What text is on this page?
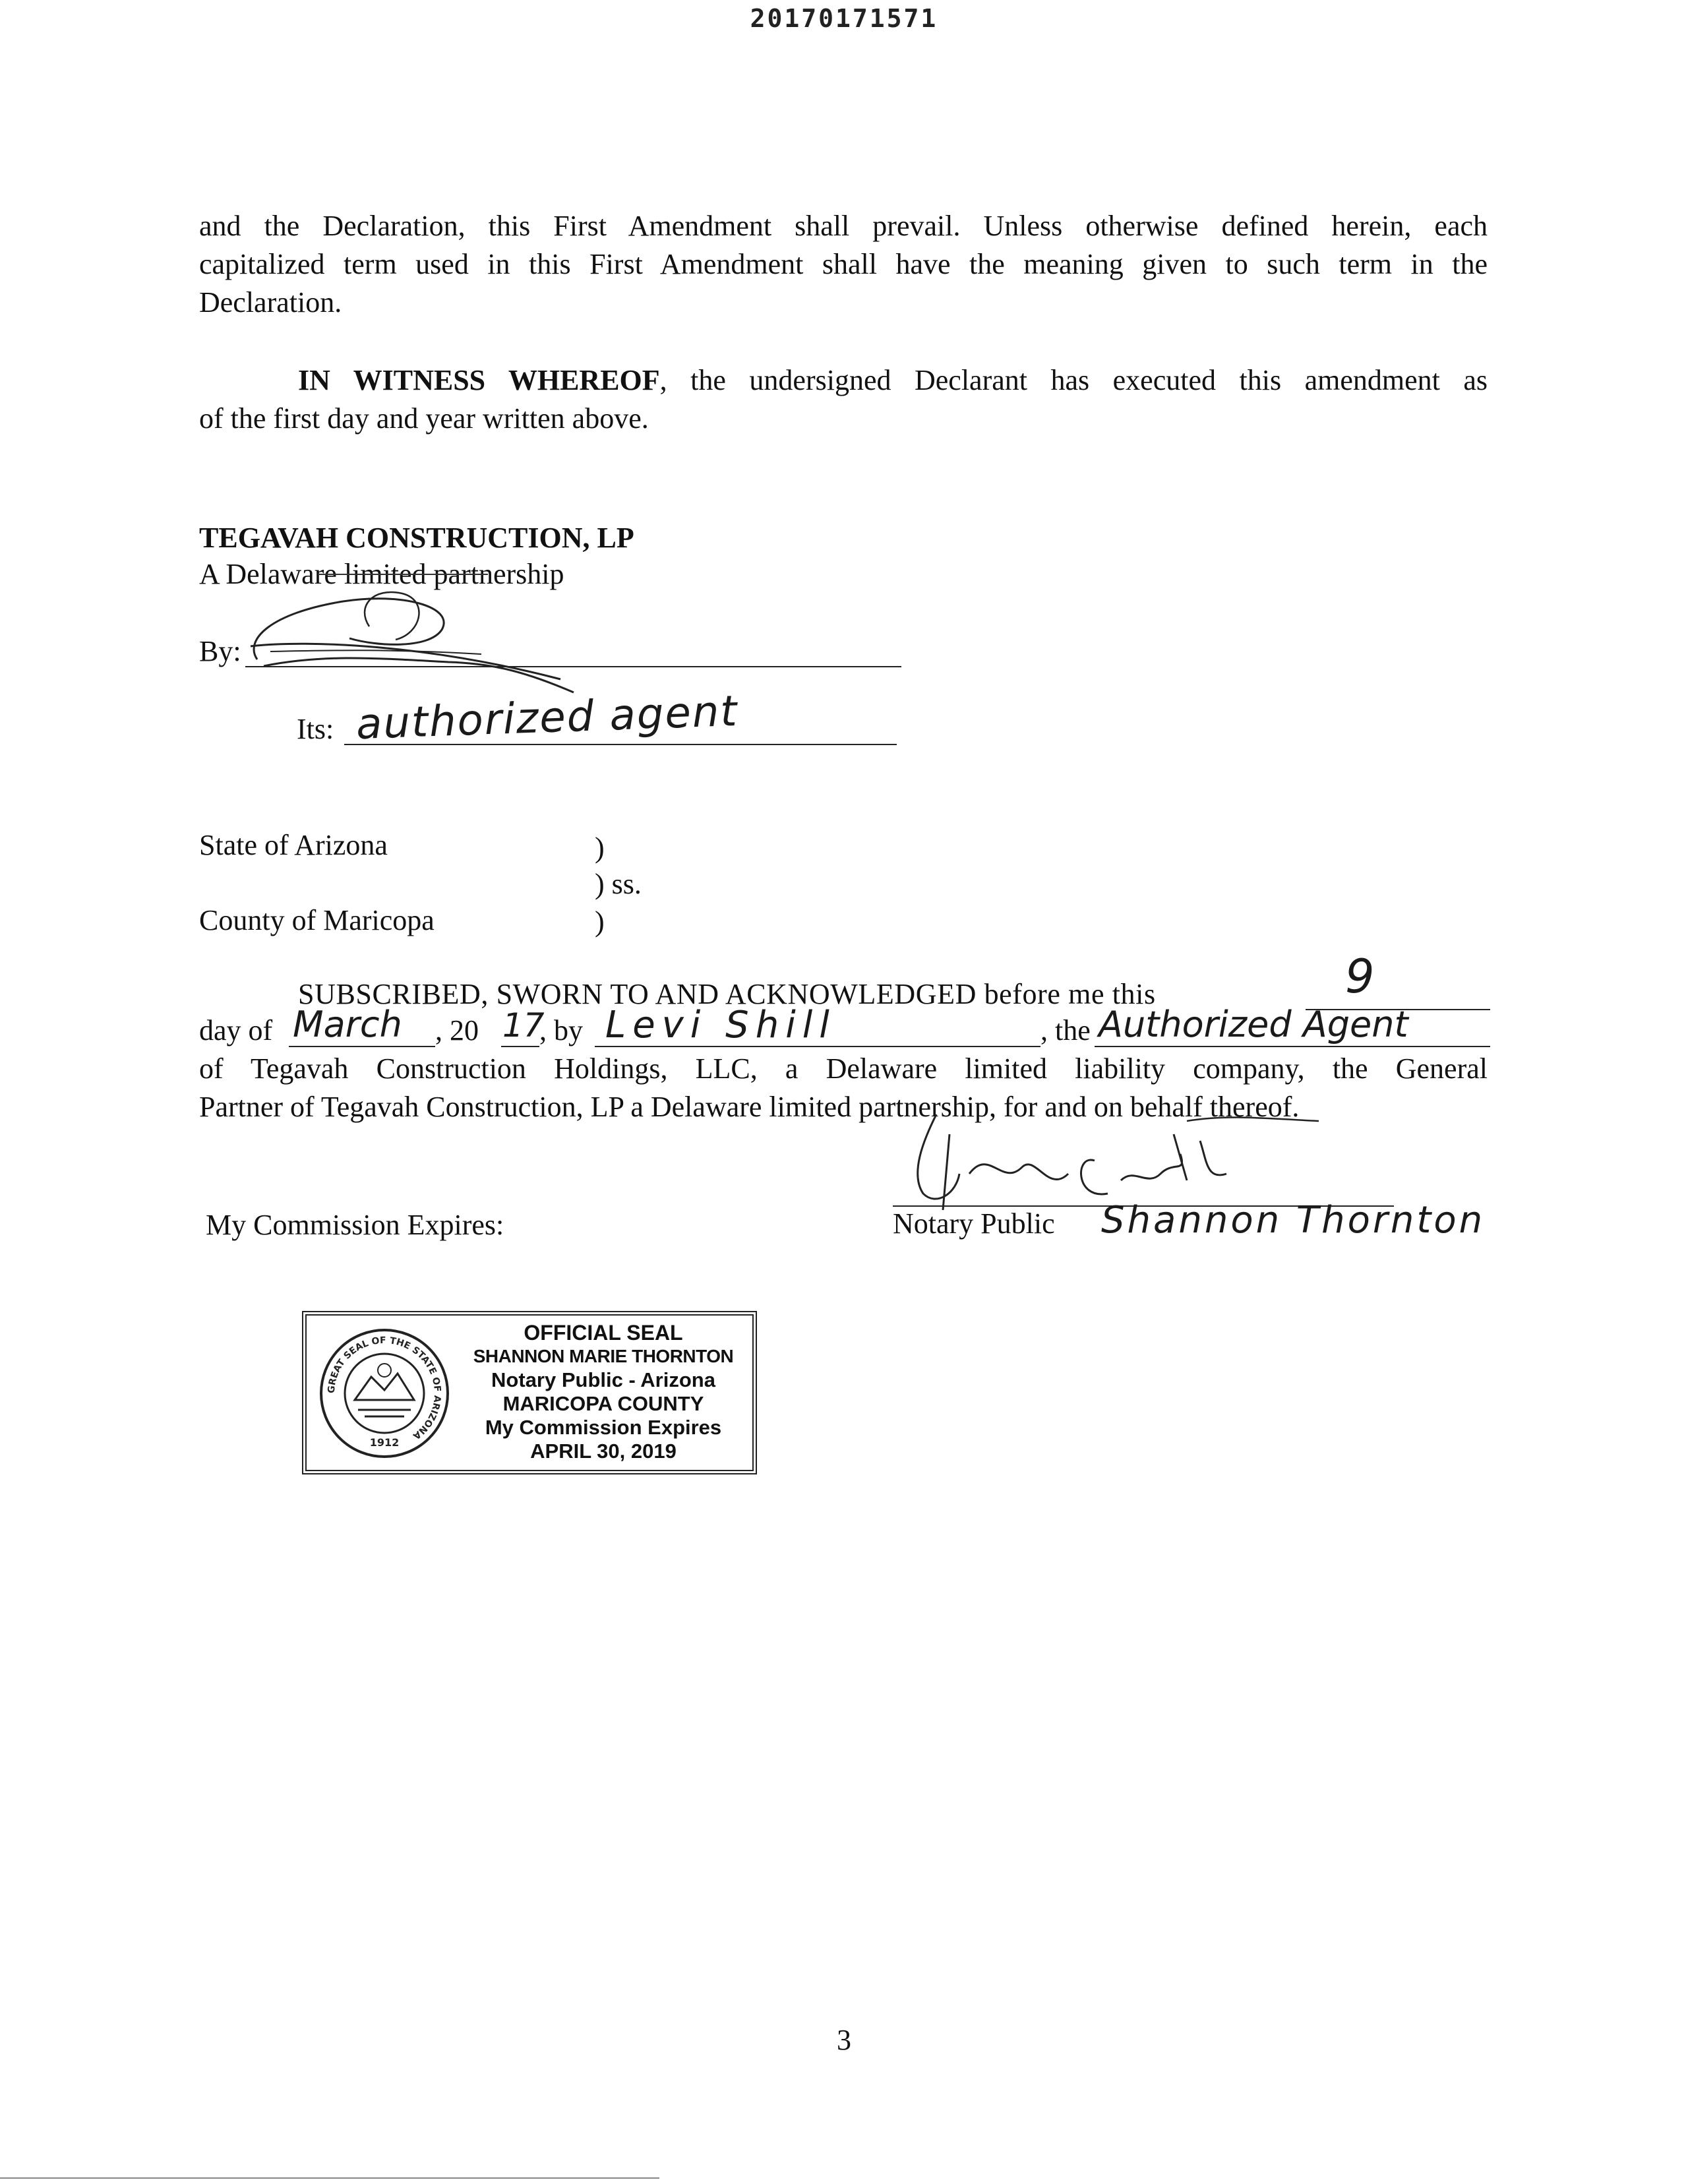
20170171571
and the Declaration, this First Amendment shall prevail. Unless otherwise defined herein, each
capitalized term used in this First Amendment shall have the meaning given to such term in the
Declaration.
IN WITNESS WHEREOF, the undersigned Declarant has executed this amendment as
of the first day and year written above.
TEGAVAH CONSTRUCTION, LP
A Delaware limited partnership
By:
Its: authorized agent
State of Arizona	)
) ss.
County of Maricopa	)
SUBSCRIBED, SWORN TO AND ACKNOWLEDGED before me this	9
day of March , 20 17
, by Levi Shill	, the Authorized Agent
of Tegavah Construction Holdings, LLC, a Delaware limited liability company, the General
Partner of Tegavah Construction, LP a Delaware limited partnership, for and on behalf thereof.
My Commission Expires:	Notary Public Shannon Thornton
GREAT SEAL OF THE STATE OF ARIZONA
1912
OFFICIAL SEAL
SHANNON MARIE THORNTON
Notary Public - Arizona
MARICOPA COUNTY
My Commission Expires
APRIL 30, 2019
3
